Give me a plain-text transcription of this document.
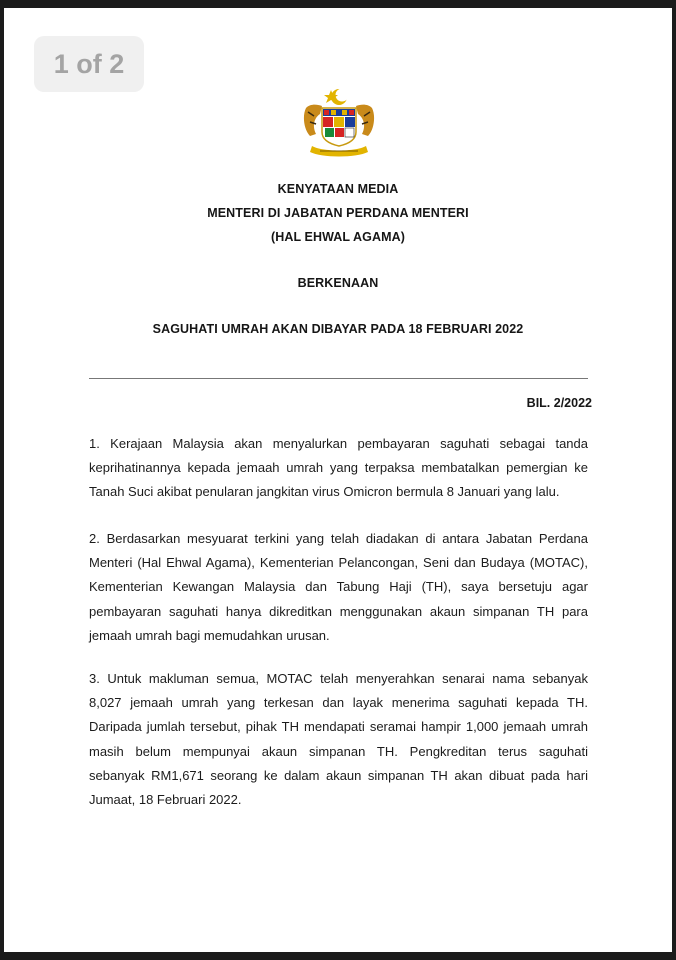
1 of 2
KENYATAAN MEDIA
MENTERI DI JABATAN PERDANA MENTERI
(HAL EHWAL AGAMA)
BERKENAAN
SAGUHATI UMRAH AKAN DIBAYAR PADA 18 FEBRUARI 2022
BIL. 2/2022
1. Kerajaan Malaysia akan menyalurkan pembayaran saguhati sebagai tanda
keprihatinannya kepada jemaah umrah yang terpaksa membatalkan pemergian ke
Tanah Suci akibat penularan jangkitan virus Omicron bermula 8 Januari yang lalu.
2. Berdasarkan mesyuarat terkini yang telah diadakan di antara Jabatan Perdana
Menteri (Hal Ehwal Agama), Kementerian Pelancongan, Seni dan Budaya (MOTAC),
Kementerian Kewangan Malaysia dan Tabung Haji (TH), saya bersetuju agar
pembayaran saguhati hanya dikreditkan menggunakan akaun simpanan TH para
jemaah umrah bagi memudahkan urusan.
3. Untuk makluman semua, MOTAC telah menyerahkan senarai nama sebanyak
8,027 jemaah umrah yang terkesan dan layak menerima saguhati kepada TH.
Daripada jumlah tersebut, pihak TH mendapati seramai hampir 1,000 jemaah umrah
masih belum mempunyai akaun simpanan TH. Pengkreditan terus saguhati
sebanyak RM1,671 seorang ke dalam akaun simpanan TH akan dibuat pada hari
Jumaat, 18 Februari 2022.
